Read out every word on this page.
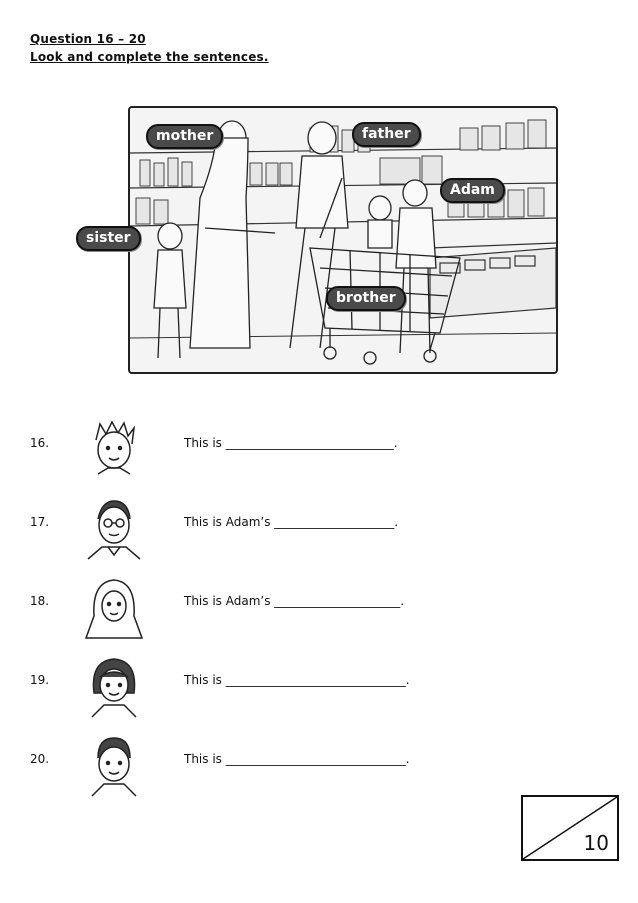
Question 16 – 20
Look and complete the sentences.
mother	father
Adam
brother
sister
16.	This is ____________________________.
17.	This is Adam’s ____________________.
18.	This is Adam’s _____________________.
19.	This is ______________________________.
20.	This is ______________________________.
10
